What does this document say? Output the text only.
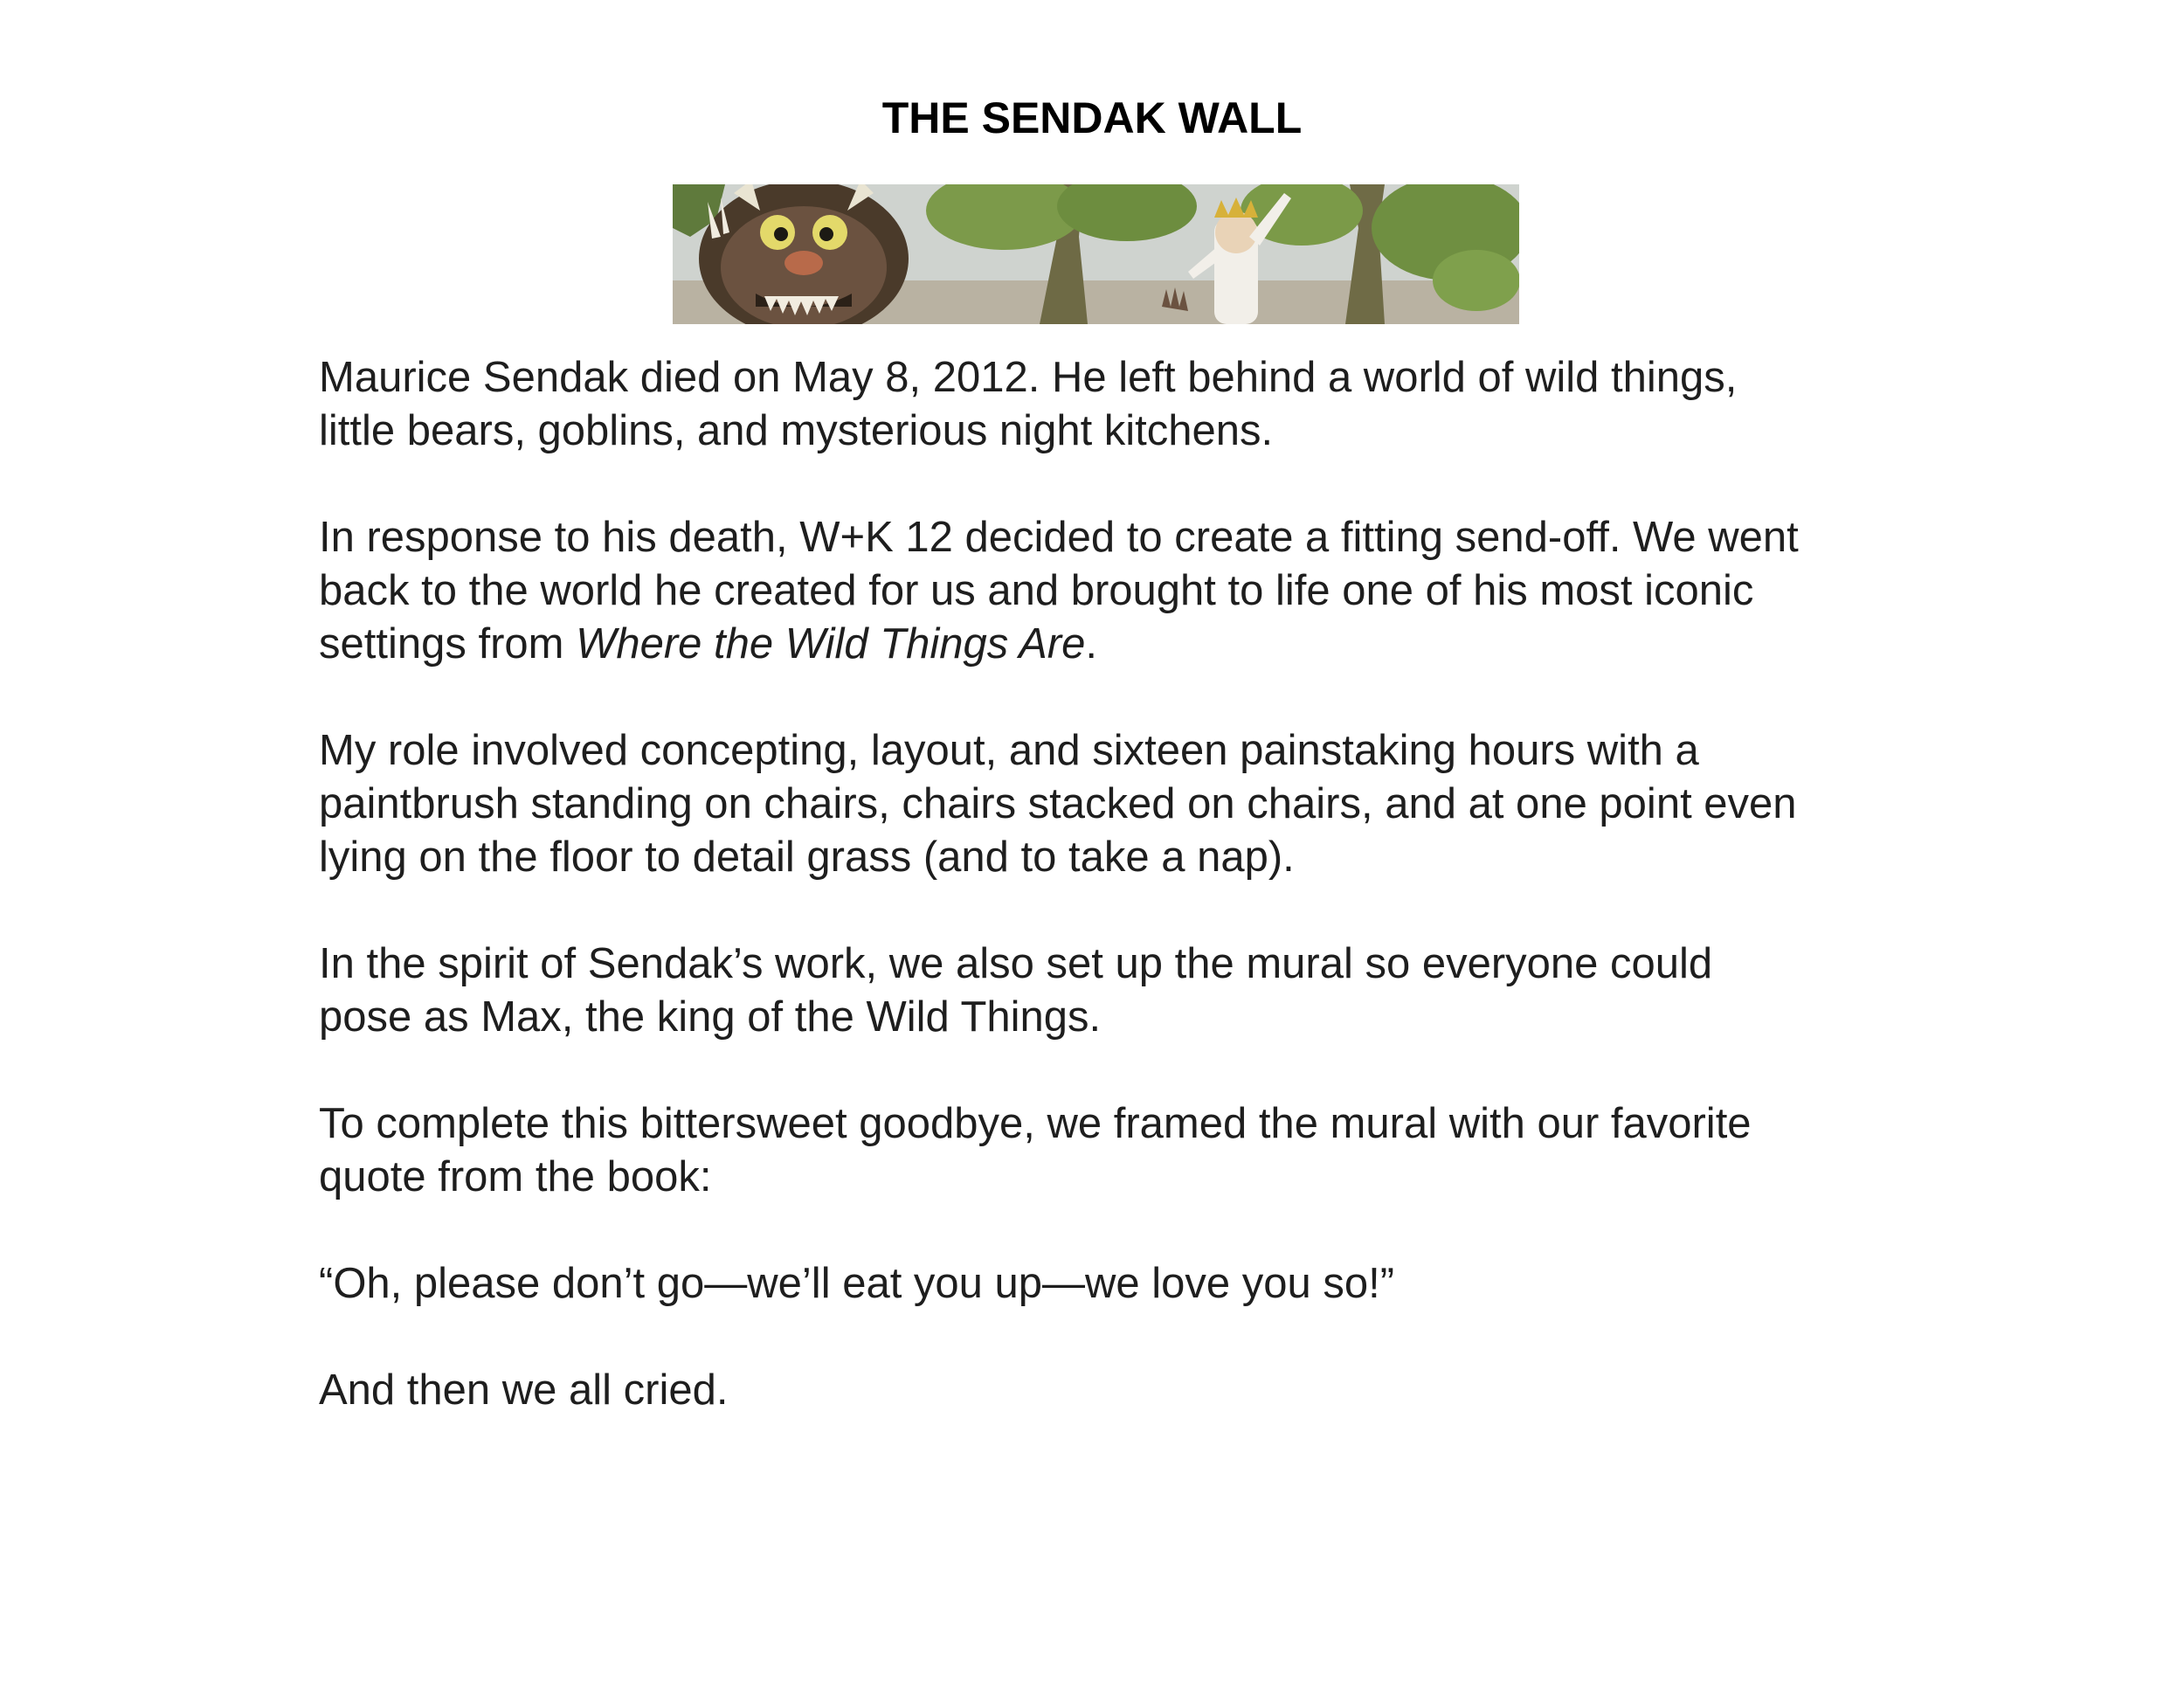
THE SENDAK WALL

Maurice Sendak died on May 8, 2012. He left behind a world of wild things,
little bears, goblins, and mysterious night kitchens.

In response to his death, W+K 12 decided to create a fitting send-off. We went
back to the world he created for us and brought to life one of his most iconic
settings from Where the Wild Things Are.

My role involved concepting, layout, and sixteen painstaking hours with a
paintbrush standing on chairs, chairs stacked on chairs, and at one point even
lying on the floor to detail grass (and to take a nap).

In the spirit of Sendak’s work, we also set up the mural so everyone could
pose as Max, the king of the Wild Things.

To complete this bittersweet goodbye, we framed the mural with our favorite
quote from the book:

“Oh, please don’t go—we’ll eat you up—we love you so!”

And then we all cried.
